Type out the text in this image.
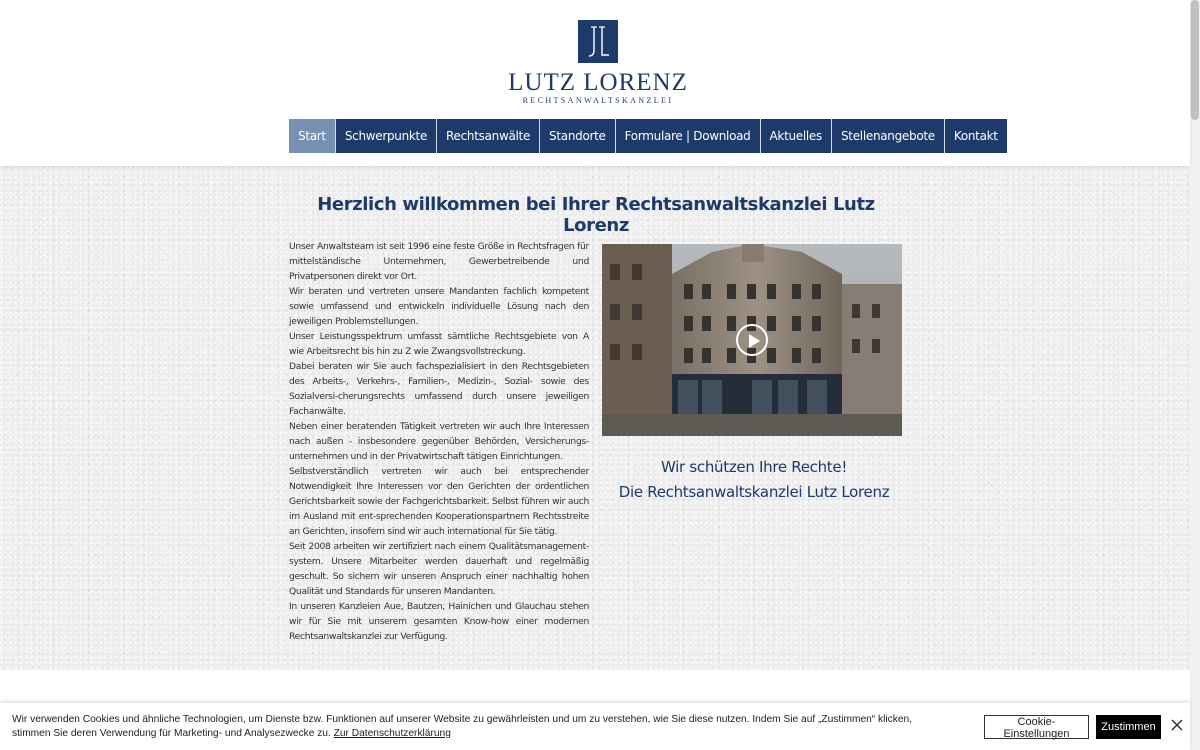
LUTZ LORENZ
RECHTSANWALTSKANZLEI
Start	Schwerpunkte	Rechtsanwälte	Standorte	Formulare | Download	Aktuelles	Stellenangebote	Kontakt
Herzlich willkommen bei Ihrer Rechtsanwaltskanzlei Lutz Lorenz

Unser Anwaltsteam ist seit 1996 eine feste Größe in Rechtsfragen für mittelständische Unternehmen, Gewerbetreibende und Privatpersonen direkt vor Ort.

Wir beraten und vertreten unsere Mandanten fachlich kompetent sowie umfassend und entwickeln individuelle Lösung nach den jeweiligen Problemstellungen.

Unser Leistungsspektrum umfasst sämtliche Rechtsgebiete von A wie Arbeitsrecht bis hin zu Z wie Zwangsvollstreckung.

Dabei beraten wir Sie auch fachspezialisiert in den Rechtsgebieten des Arbeits-, Verkehrs-, Familien-, Medizin-, Sozial- sowie des Sozialversi-cherungsrechts umfassend durch unsere jeweiligen Fachanwälte.

Neben einer beratenden Tätigkeit vertreten wir auch Ihre Interessen nach außen - insbesondere gegenüber Behörden, Versicherungs-unternehmen und in der Privatwirtschaft tätigen Einrichtungen.

Selbstverständlich vertreten wir auch bei entsprechender Notwendigkeit Ihre Interessen vor den Gerichten der ordentlichen Gerichtsbarkeit sowie der Fachgerichtsbarkeit. Selbst führen wir auch im Ausland mit ent-sprechenden Kooperationspartnern Rechtsstreite an Gerichten, insofern sind wir auch international für Sie tätig.

Seit 2008 arbeiten wir zertifiziert nach einem Qualitätsmanagement-system. Unsere Mitarbeiter werden dauerhaft und regelmäßig geschult. So sichern wir unseren Anspruch einer nachhaltig hohen Qualität und Standards für unseren Mandanten.

In unseren Kanzleien Aue, Bautzen, Hainichen und Glauchau stehen wir für Sie mit unserem gesamten Know-how einer modernen Rechtsanwaltskanzlei zur Verfügung.

Wir schützen Ihre Rechte!
Die Rechtsanwaltskanzlei Lutz Lorenz
Wir verwenden Cookies und ähnliche Technologien, um Dienste bzw. Funktionen auf unserer Website zu gewährleisten und um zu verstehen, wie Sie diese nutzen. Indem Sie auf „Zustimmen“ klicken, stimmen Sie deren Verwendung für Marketing- und Analysezwecke zu. Zur Datenschutzerklärung
Cookie-Einstellungen
Zustimmen
